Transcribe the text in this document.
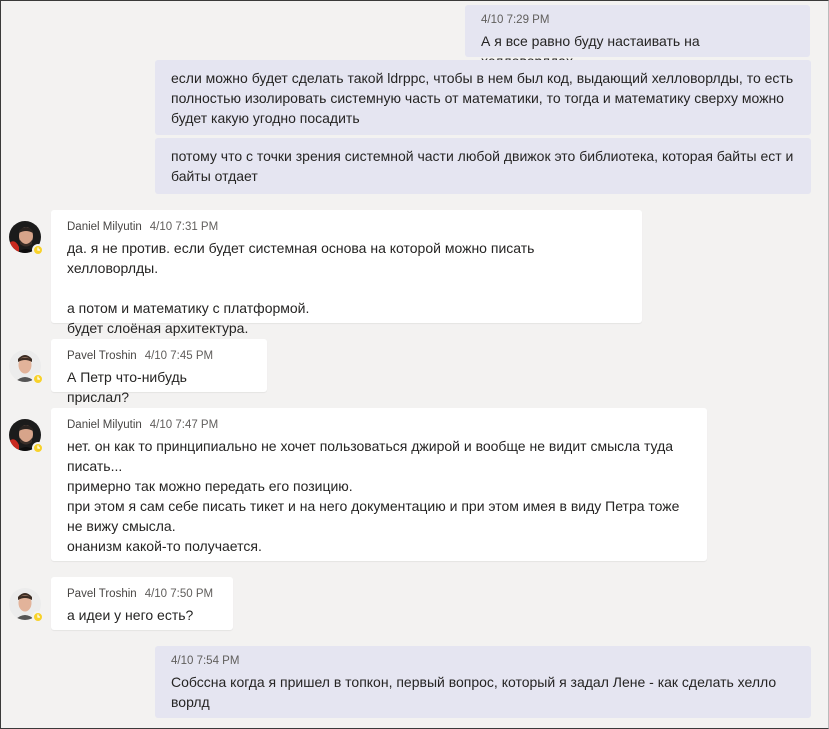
4/10 7:29 PM
А я все равно буду настаивать на
если можно будет сделать такой ldrppc, чтобы в нем был код, выдающий хелловорлды, то есть
полностью изолировать системную часть от математики, то тогда и математику сверху можно
будет какую угодно посадить
потому что с точки зрения системной части любой движок это библиотека, которая байты ест и
байты отдает
Daniel Milyutin 4/10 7:31 PM
да. я не против. если будет системная основа на которой можно писать хелловорлды.
а потом и математику с платформой.
будет слоёная архитектура.
Pavel Troshin 4/10 7:45 PM
А Петр что-нибудь прислал?
Daniel Milyutin 4/10 7:47 PM
нет. он как то принципиально не хочет пользоваться джирой и вообще не видит смысла туда
писать...
примерно так можно передать его позицию.
при этом я сам себе писать тикет и на него документацию и при этом имея в виду Петра тоже
не вижу смысла.
онанизм какой-то получается.
Pavel Troshin 4/10 7:50 PM
а идеи у него есть?
4/10 7:54 PM
Собссна когда я пришел в топкон, первый вопрос, который я задал Лене - как сделать хелло
ворлд
